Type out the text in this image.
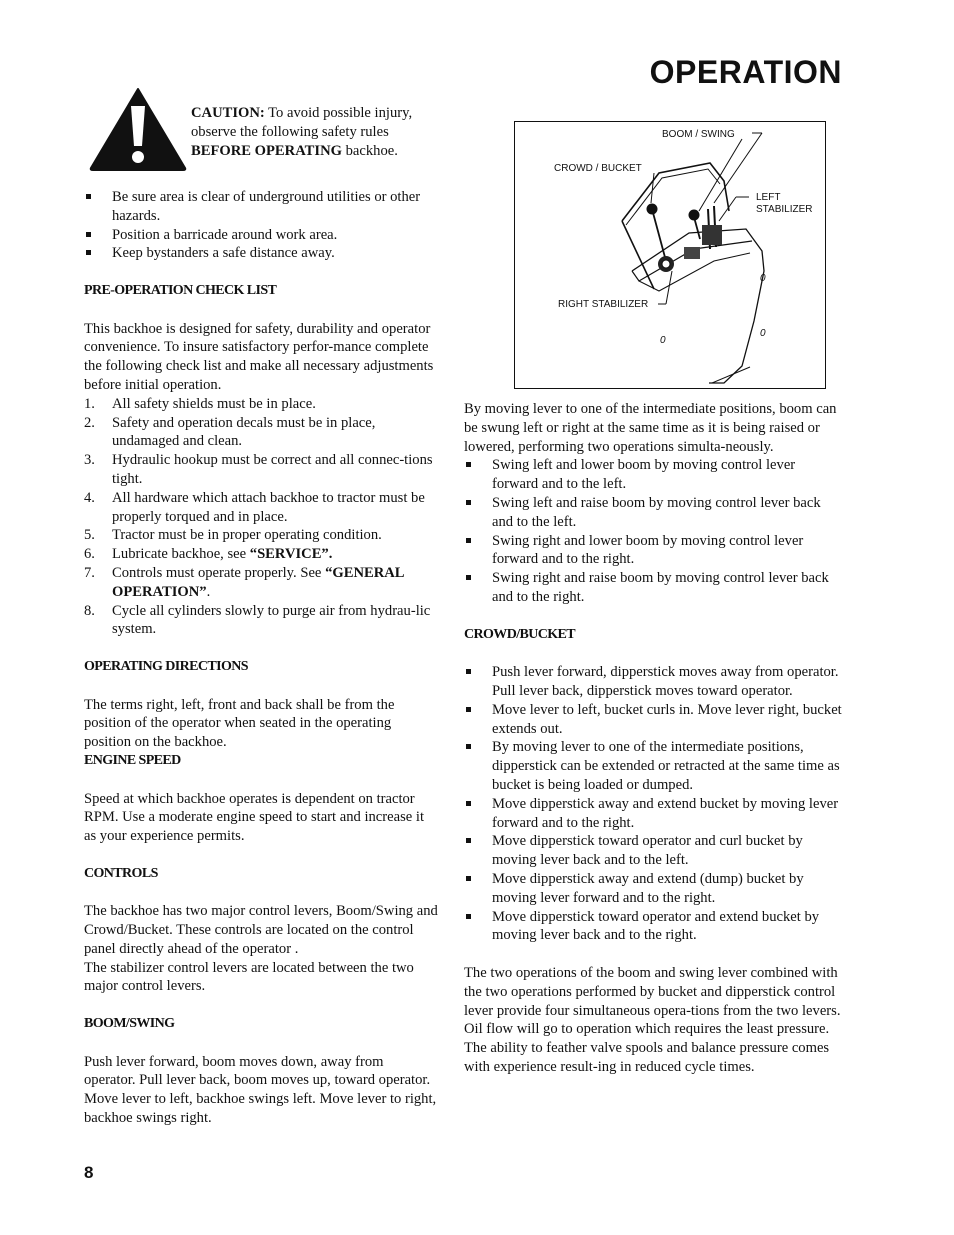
OPERATION
CAUTION: To avoid possible injury, observe the following safety rules BEFORE OPERATING backhoe.
Be sure area is clear of underground utilities or other hazards.
Position a barricade around work area.
Keep bystanders a safe distance away.
PRE-OPERATION CHECK LIST

This backhoe is designed for safety, durability and operator convenience. To insure satisfactory perfor-mance complete the following check list and make all necessary adjustments before initial operation.

1. All safety shields must be in place.
2. Safety and operation decals must be in place, undamaged and clean.
3. Hydraulic hookup must be correct and all connec-tions tight.
4. All hardware which attach backhoe to tractor must be properly torqued and in place.
5. Tractor must be in proper operating condition.
6. Lubricate backhoe, see “SERVICE”.
7. Controls must operate properly. See “GENERAL OPERATION”.
8. Cycle all cylinders slowly to purge air from hydrau-lic system.
OPERATING DIRECTIONS

The terms right, left, front and back shall be from the position of the operator when seated in the operating position on the backhoe.

ENGINE SPEED

Speed at which backhoe operates is dependent on tractor RPM. Use a moderate engine speed to start and increase it as your experience permits.

CONTROLS

The backhoe has two major control levers, Boom/Swing and Crowd/Bucket. These controls are located on the control panel directly ahead of the operator .

The stabilizer control levers are located between the two major control levers.

BOOM/SWING

Push lever forward, boom moves down, away from operator. Pull lever back, boom moves up, toward operator.

Move lever to left, backhoe swings left. Move lever to right, backhoe swings right.

0
0
0
BOOM / SWING
CROWD / BUCKET
LEFT
STABILIZER
RIGHT STABILIZER

By moving lever to one of the intermediate positions, boom can be swung left or right at the same time as it is being raised or lowered, performing two operations simulta-neously.

Swing left and lower boom by moving control lever forward and to the left.
Swing left and raise boom by moving control lever back and to the left.
Swing right and lower boom by moving control lever forward and to the right.
Swing right and raise boom by moving control lever back and to the right.
CROWD/BUCKET
Push lever forward, dipperstick moves away from operator. Pull lever back, dipperstick moves toward operator.
Move lever to left, bucket curls in. Move lever right, bucket extends out.
By moving lever to one of the intermediate positions, dipperstick can be extended or retracted at the same time as bucket is being loaded or dumped.
Move dipperstick away and extend bucket by moving lever forward and to the right.
Move dipperstick toward operator and curl bucket by moving lever back and to the left.
Move dipperstick away and extend (dump) bucket by moving lever forward and to the right.
Move dipperstick toward operator and extend bucket by moving lever back and to the right.

The two operations of the boom and swing lever combined with the two operations performed by bucket and dipperstick control lever provide four simultaneous opera-tions from the two levers. Oil flow will go to operation which requires the least pressure. The ability to feather valve spools and balance pressure comes with experience result-ing in reduced cycle times.

8
